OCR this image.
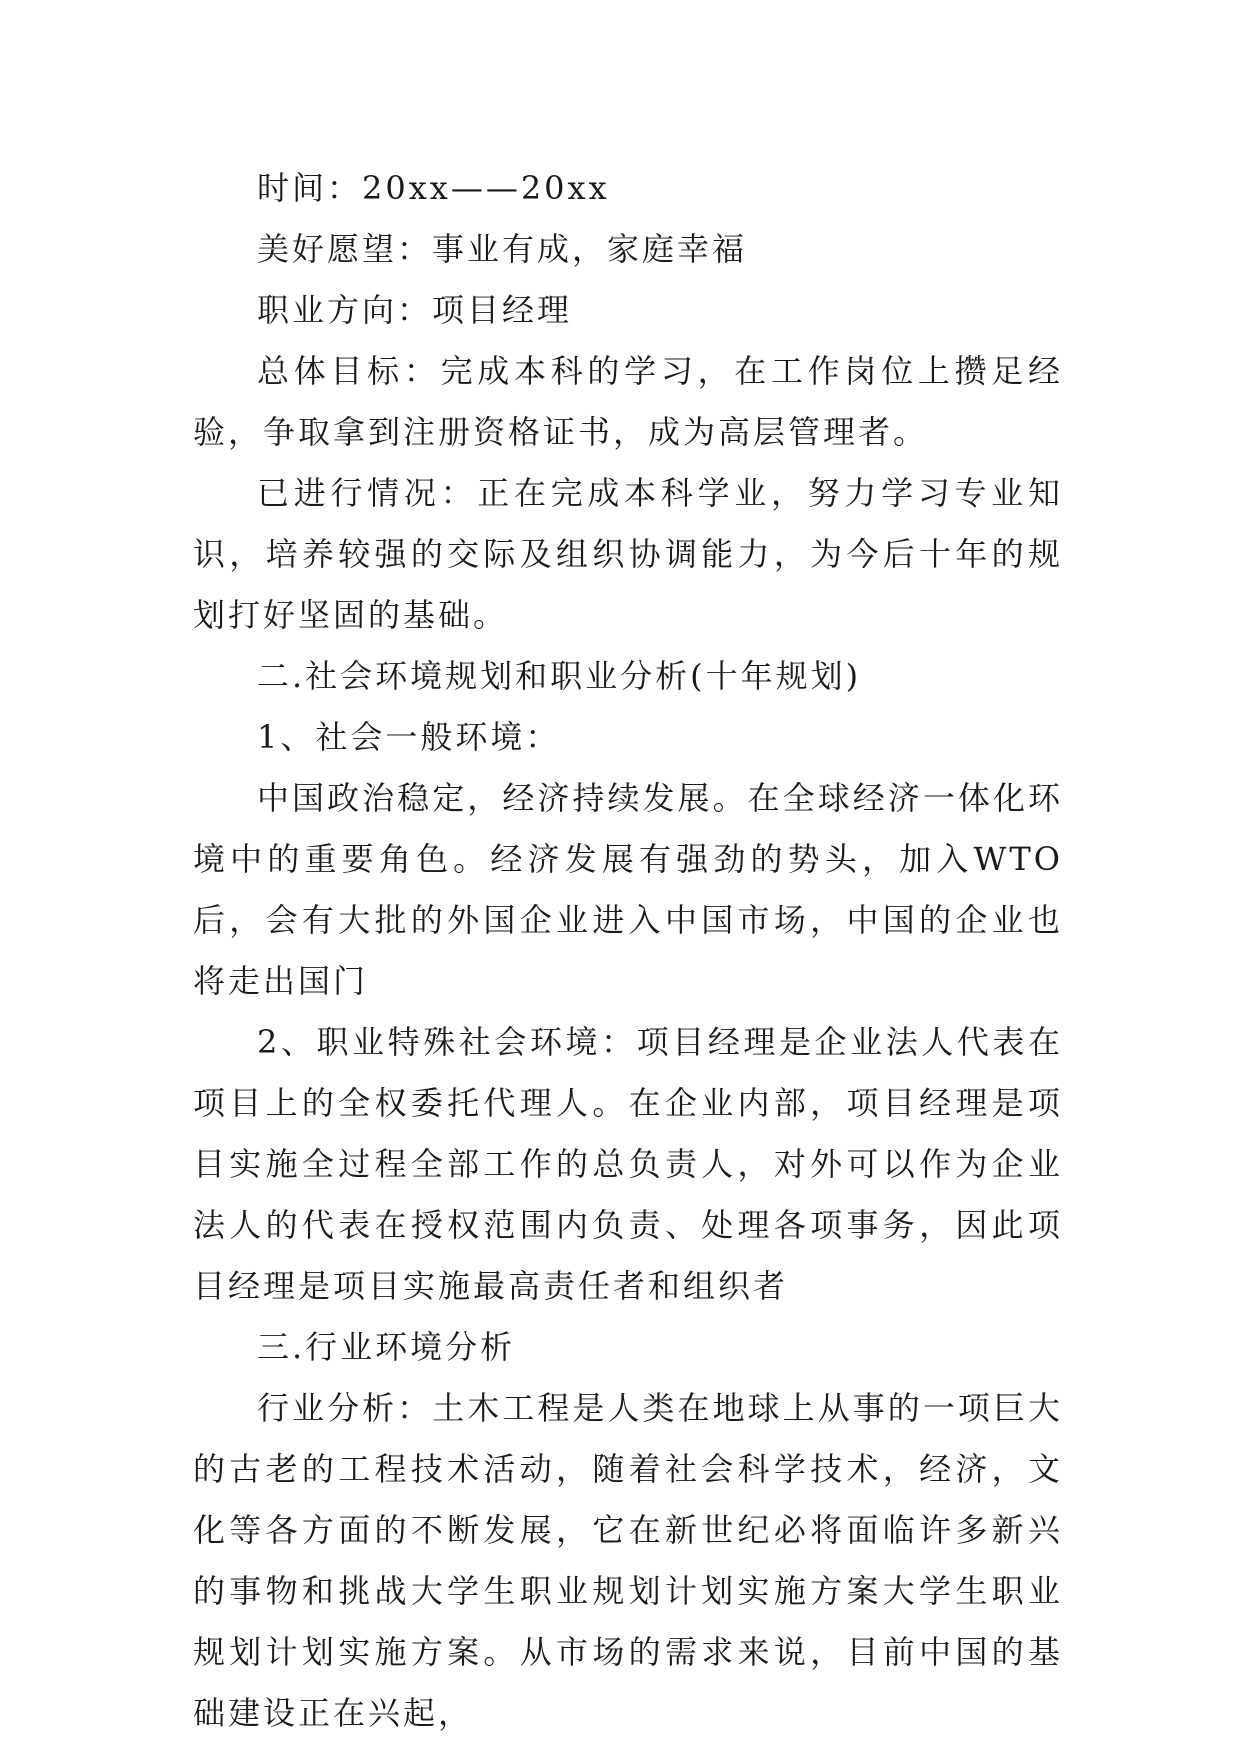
时间：20xx——20xx

美好愿望：事业有成，家庭幸福

职业方向：项目经理

总体目标：完成本科的学习，在工作岗位上攒足经验，争取拿到注册资格证书，成为高层管理者。

已进行情况：正在完成本科学业，努力学习专业知识，培养较强的交际及组织协调能力，为今后十年的规划打好坚固的基础。

二.社会环境规划和职业分析(十年规划)

1、社会一般环境：

中国政治稳定，经济持续发展。在全球经济一体化环境中的重要角色。经济发展有强劲的势头，加入WTO后，会有大批的外国企业进入中国市场，中国的企业也将走出国门

2、职业特殊社会环境：项目经理是企业法人代表在项目上的全权委托代理人。在企业内部，项目经理是项目实施全过程全部工作的总负责人，对外可以作为企业法人的代表在授权范围内负责、处理各项事务，因此项目经理是项目实施最高责任者和组织者

三.行业环境分析

行业分析：土木工程是人类在地球上从事的一项巨大的古老的工程技术活动，随着社会科学技术，经济，文化等各方面的不断发展，它在新世纪必将面临许多新兴的事物和挑战大学生职业规划计划实施方案大学生职业规划计划实施方案。从市场的需求来说，目前中国的基础建设正在兴起，
